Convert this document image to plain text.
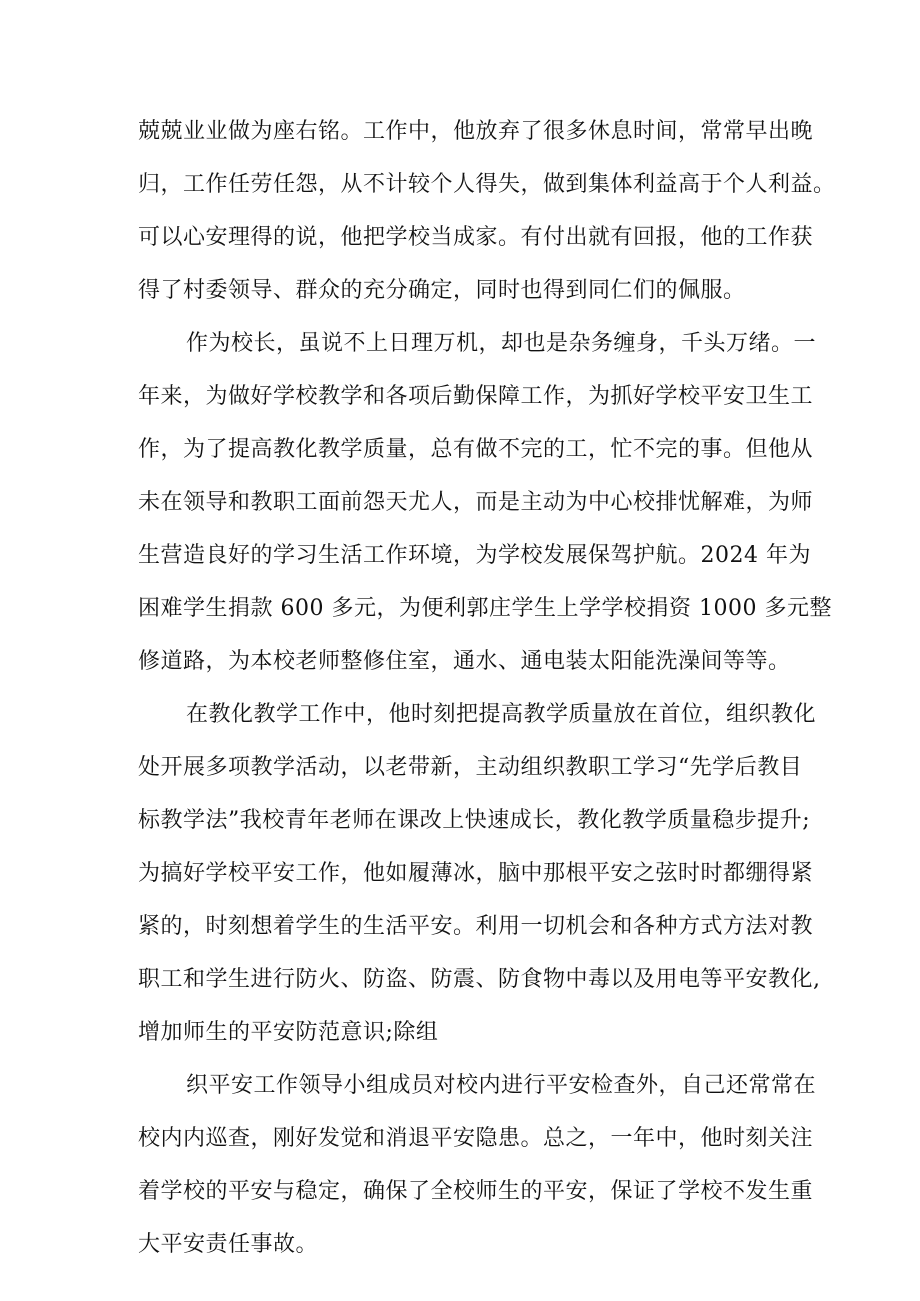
兢兢业业做为座右铭。工作中，他放弃了很多休息时间，常常早出晚
归，工作任劳任怨，从不计较个人得失，做到集体利益高于个人利益。
可以心安理得的说，他把学校当成家。有付出就有回报，他的工作获
得了村委领导、群众的充分确定，同时也得到同仁们的佩服。
作为校长，虽说不上日理万机，却也是杂务缠身，千头万绪。一
年来，为做好学校教学和各项后勤保障工作，为抓好学校平安卫生工
作，为了提高教化教学质量，总有做不完的工，忙不完的事。但他从
未在领导和教职工面前怨天尤人，而是主动为中心校排忧解难，为师
生营造良好的学习生活工作环境，为学校发展保驾护航。2024 年为
困难学生捐款 600 多元，为便利郭庄学生上学学校捐资 1000 多元整
修道路，为本校老师整修住室，通水、通电装太阳能洗澡间等等。
在教化教学工作中，他时刻把提高教学质量放在首位，组织教化
处开展多项教学活动，以老带新，主动组织教职工学习“先学后教目
标教学法”我校青年老师在课改上快速成长，教化教学质量稳步提升;
为搞好学校平安工作，他如履薄冰，脑中那根平安之弦时时都绷得紧
紧的，时刻想着学生的生活平安。利用一切机会和各种方式方法对教
职工和学生进行防火、防盗、防震、防食物中毒以及用电等平安教化,
增加师生的平安防范意识;除组
织平安工作领导小组成员对校内进行平安检查外，自己还常常在
校内内巡查，刚好发觉和消退平安隐患。总之，一年中，他时刻关注
着学校的平安与稳定，确保了全校师生的平安，保证了学校不发生重
大平安责任事故。
